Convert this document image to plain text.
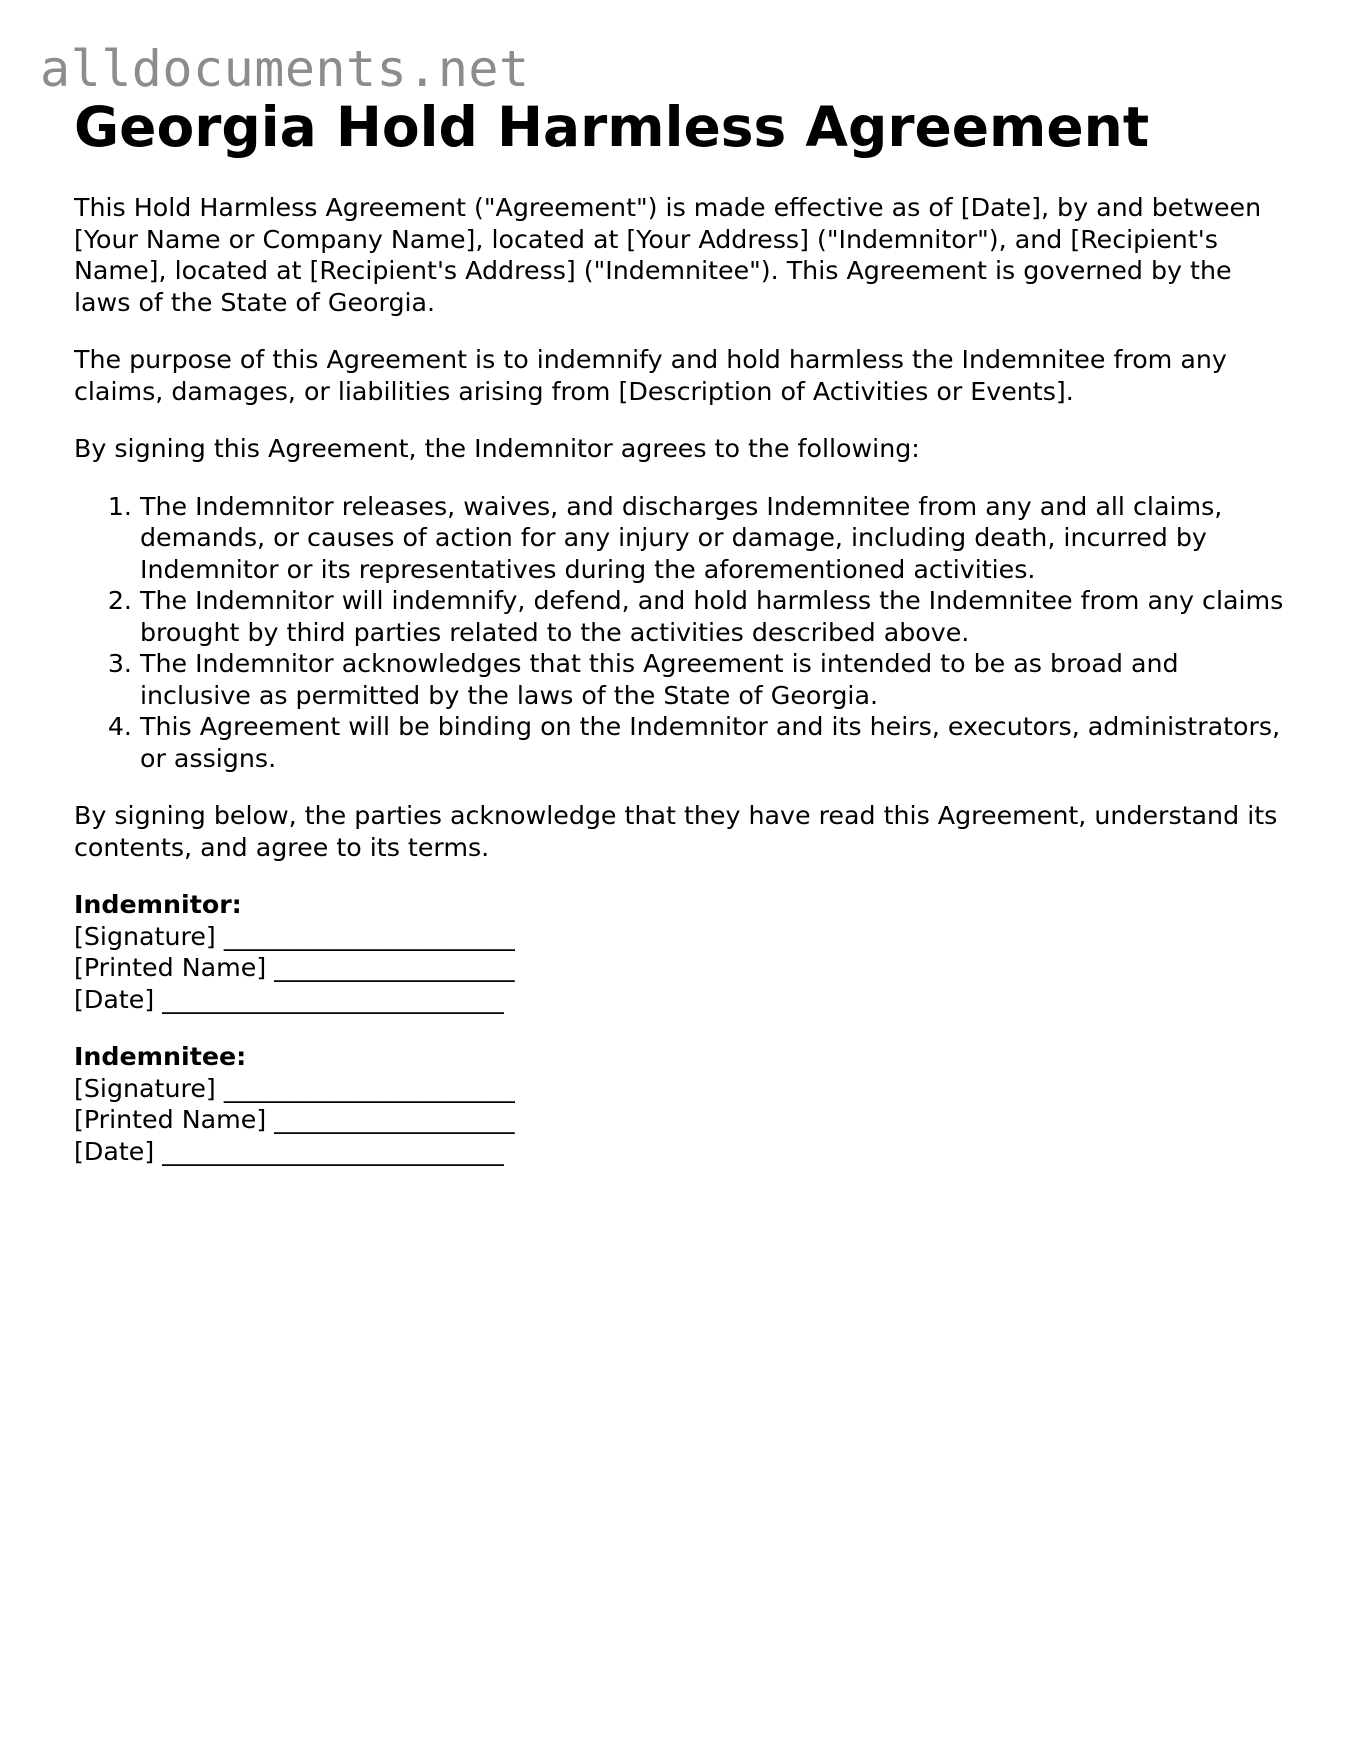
alldocuments.net
Georgia Hold Harmless Agreement

This Hold Harmless Agreement ("Agreement") is made effective as of [Date], by and between [Your Name or Company Name], located at [Your Address] ("Indemnitor"), and [Recipient's Name], located at [Recipient's Address] ("Indemnitee"). This Agreement is governed by the laws of the State of Georgia.

The purpose of this Agreement is to indemnify and hold harmless the Indemnitee from any claims, damages, or liabilities arising from [Description of Activities or Events].

By signing this Agreement, the Indemnitor agrees to the following:

1. The Indemnitor releases, waives, and discharges Indemnitee from any and all claims, demands, or causes of action for any injury or damage, including death, incurred by Indemnitor or its representatives during the aforementioned activities.
2. The Indemnitor will indemnify, defend, and hold harmless the Indemnitee from any claims brought by third parties related to the activities described above.
3. The Indemnitor acknowledges that this Agreement is intended to be as broad and inclusive as permitted by the laws of the State of Georgia.
4. This Agreement will be binding on the Indemnitor and its heirs, executors, administrators, or assigns.

By signing below, the parties acknowledge that they have read this Agreement, understand its contents, and agree to its terms.

Indemnitor:
[Signature] _______________________
[Printed Name] ___________________
[Date] ___________________________
Indemnitee:
[Signature] _______________________
[Printed Name] ___________________
[Date] ___________________________
